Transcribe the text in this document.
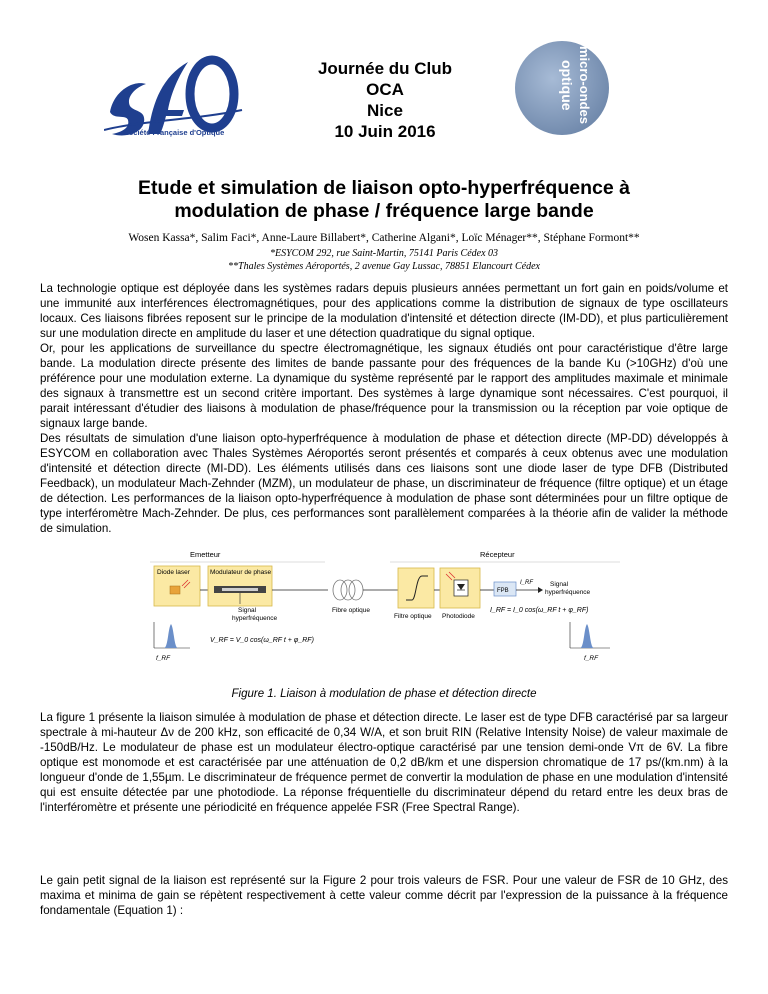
sfo
Société Française d'Optique
Journée du Club
OCA
Nice
10 Juin 2016
micro-ondes
optique
Etude et simulation de liaison opto-hyperfréquence à
modulation de phase / fréquence large bande
Wosen Kassa*, Salim Faci*, Anne-Laure Billabert*, Catherine Algani*, Loïc Ménager**, Stéphane Formont**
*ESYCOM 292, rue Saint-Martin, 75141 Paris Cédex 03
**Thales Systèmes Aéroportés, 2 avenue Gay Lussac, 78851 Elancourt Cédex

La technologie optique est déployée dans les systèmes radars depuis plusieurs années permettant un fort gain en poids/volume et une immunité aux interférences électromagnétiques, pour des applications comme la distribution de signaux de type oscillateurs locaux. Ces liaisons fibrées reposent sur le principe de la modulation d'intensité et détection directe (IM-DD), et plus particulièrement sur une modulation directe en amplitude du laser et une détection quadratique du signal optique.

Or, pour les applications de surveillance du spectre électromagnétique, les signaux étudiés ont pour caractéristique d'être large bande. La modulation directe présente des limites de bande passante pour des fréquences de la bande Ku (>10GHz) d'où une préférence pour une modulation externe. La dynamique du système représenté par le rapport des amplitudes maximale et minimale des signaux à transmettre est un second critère important. Des systèmes à large dynamique sont nécessaires. C'est pourquoi, il parait intéressant d'étudier des liaisons à modulation de phase/fréquence pour la transmission ou la réception par voie optique de signaux large bande.

Des résultats de simulation d'une liaison opto-hyperfréquence à modulation de phase et détection directe (MP-DD) développés à ESYCOM en collaboration avec Thales Systèmes Aéroportés seront présentés et comparés à ceux obtenus avec une modulation d'intensité et détection directe (MI-DD). Les éléments utilisés dans ces liaisons sont une diode laser de type DFB (Distributed Feedback), un modulateur Mach-Zehnder (MZM), un modulateur de phase, un discriminateur de fréquence (filtre optique) et un étage de détection. Les performances de la liaison opto-hyperfréquence à modulation de phase sont déterminées pour un filtre optique de type interféromètre Mach-Zehnder. De plus, ces performances sont parallèlement comparées à la théorie afin de valider la méthode de simulation.

Emetteur	Récepteur
Diode laser	Modulateur de phase
Signal
hyperfréquence
Fibre optique
Filtre optique Photodiode
FPB
I_RF	Signal
hyperfréquence
I_RF = I_0 cos(ω_RF t + φ_RF)
V_RF = V_0 cos(ω_RF t + φ_RF)
f_RF	f_RF
Figure 1. Liaison à modulation de phase et détection directe
La figure 1 présente la liaison simulée à modulation de phase et détection directe. Le laser est de type DFB caractérisé par sa largeur spectrale à mi-hauteur Δν de 200 kHz, son efficacité de 0,34 W/A, et son bruit RIN (Relative Intensity Noise) de valeur maximale de -150dB/Hz. Le modulateur de phase est un modulateur électro-optique caractérisé par une tension demi-onde Vπ de 6V. La fibre optique est monomode et est caractérisée par une atténuation de 0,2 dB/km et une dispersion chromatique de 17 ps/(km.nm) à la longueur d'onde de 1,55µm. Le discriminateur de fréquence permet de convertir la modulation de phase en une modulation d'intensité qui est ensuite détectée par une photodiode. La réponse fréquentielle du discriminateur dépend du retard entre les deux bras de l'interféromètre et présente une périodicité en fréquence appelée FSR (Free Spectral Range).
Le gain petit signal de la liaison est représenté sur la Figure 2 pour trois valeurs de FSR. Pour une valeur de FSR de 10 GHz, des maxima et minima de gain se répètent respectivement à cette valeur comme décrit par l'expression de la puissance à la fréquence fondamentale (Equation 1) :
